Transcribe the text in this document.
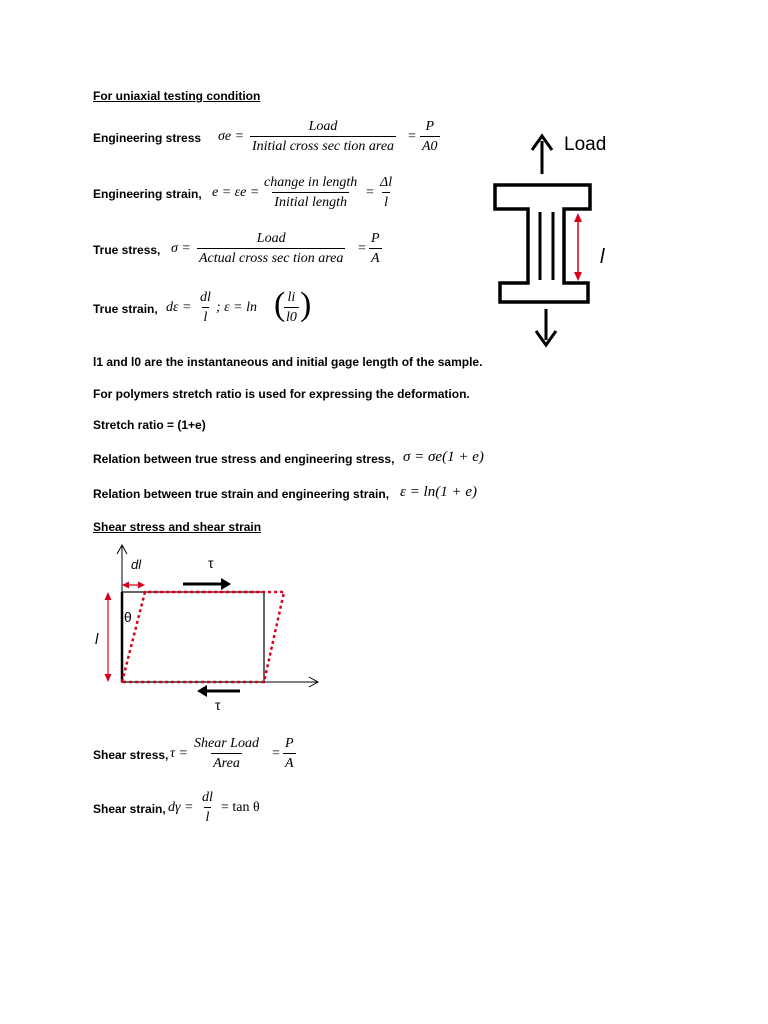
For uniaxial testing condition
Engineering stress σe =
Load
Initial cross sec tion area
= $\frac{P}{A0}$
Engineering strain, e = εe =
change in length
Initial length
= $\frac{\Delta l}{l}$
True stress, σ =
Load
Actual cross sec tion area
= $\frac{P}{A}$
True strain, $d\varepsilon = \frac{dl}{l}$ ; ε = ln (
$\frac{li}{l0}$ )
l1 and l0 are the instantaneous and initial gage length of the sample.
For polymers stretch ratio is used for expressing the deformation.
Stretch ratio = (1+e)
Relation between true stress and engineering stress, σ = σe(1 + e)
Relation between true strain and engineering strain, ε = ln(1 + e)
Shear stress and shear strain
Load
l
dl	τ
τ
θ
l
Shear stress, τ =
Shear Load
Area
= $\frac{P}{A}$
Shear strain, $d\gamma = \frac{dl}{l} = \tan \theta$
